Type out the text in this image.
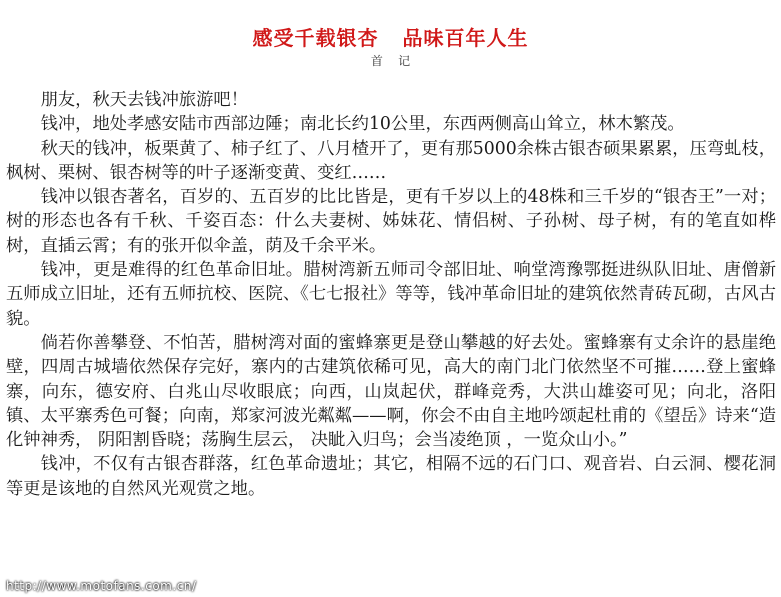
感受千载银杏 品味百年人生
首    记

朋友，秋天去钱冲旅游吧！

钱冲，地处孝感安陆市西部边陲；南北长约10公里，东西两侧高山耸立，林木繁茂。

秋天的钱冲，板栗黄了、柿子红了、八月楂开了，更有那5000余株古银杏硕果累累，压弯虬枝，枫树、栗树、银杏树等的叶子逐渐变黄、变红……

钱冲以银杏著名，百岁的、五百岁的比比皆是，更有千岁以上的48株和三千岁的“银杏王”一对；树的形态也各有千秋、千姿百态：什么夫妻树、姊妹花、情侣树、子孙树、母子树，有的笔直如桦树，直插云霄；有的张开似伞盖，荫及千余平米。

钱冲，更是难得的红色革命旧址。腊树湾新五师司令部旧址、响堂湾豫鄂挺进纵队旧址、唐僧新五师成立旧址，还有五师抗校、医院、《七七报社》等等，钱冲革命旧址的建筑依然青砖瓦砌，古风古貌。

倘若你善攀登、不怕苦，腊树湾对面的蜜蜂寨更是登山攀越的好去处。蜜蜂寨有丈余许的悬崖绝壁，四周古城墙依然保存完好，寨内的古建筑依稀可见，高大的南门北门依然坚不可摧……登上蜜蜂寨，向东，德安府、白兆山尽收眼底；向西，山岚起伏，群峰竞秀，大洪山雄姿可见；向北，洛阳镇、太平寨秀色可餐；向南，郑家河波光粼粼——啊，你会不由自主地吟颂起杜甫的《望岳》诗来“造化钟神秀， 阴阳割昏晓；荡胸生层云， 决眦入归鸟；会当凌绝顶 ，一览众山小。”

钱冲，不仅有古银杏群落，红色革命遗址；其它，相隔不远的石门口、观音岩、白云洞、樱花洞等更是该地的自然风光观赏之地。

http://www.motofans.com.cn/
